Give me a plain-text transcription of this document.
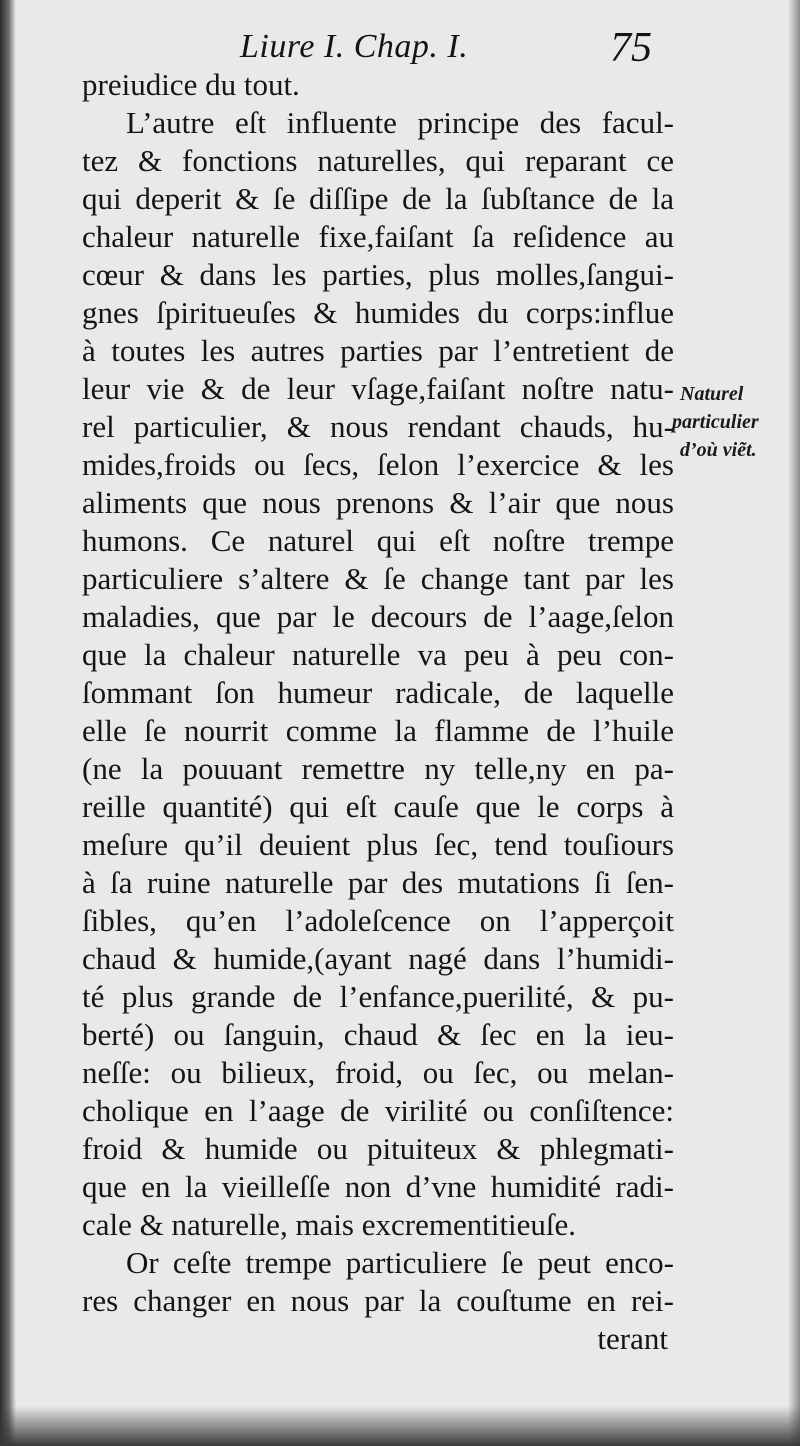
Liure I. Chap. I.	75
preiudice du tout.
L’autre eſt influente principe des facul-
tez & fonctions naturelles, qui reparant ce
qui deperit & ſe diſſipe de la ſubſtance de la
chaleur naturelle fixe,faiſant ſa reſidence au
cœur & dans les parties, plus molles,ſangui-
gnes ſpiritueuſes & humides du corps:influe
à toutes les autres parties par l’entretient de
leur vie & de leur vſage,faiſant noſtre natu-
rel particulier, & nous rendant chauds, hu-
mides,froids ou ſecs, ſelon l’exercice & les
aliments que nous prenons & l’air que nous
humons. Ce naturel qui eſt noſtre trempe
particuliere s’altere & ſe change tant par les
maladies, que par le decours de l’aage,ſelon
que la chaleur naturelle va peu à peu con-
ſommant ſon humeur radicale, de laquelle
elle ſe nourrit comme la flamme de l’huile
(ne la pouuant remettre ny telle,ny en pa-
reille quantité) qui eſt cauſe que le corps à
meſure qu’il deuient plus ſec, tend touſiours
à ſa ruine naturelle par des mutations ſi ſen-
ſibles, qu’en l’adoleſcence on l’apperçoit
chaud & humide,(ayant nagé dans l’humidi-
té plus grande de l’enfance,puerilité, & pu-
berté) ou ſanguin, chaud & ſec en la ieu-
neſſe: ou bilieux, froid, ou ſec, ou melan-
cholique en l’aage de virilité ou conſiſtence:
froid & humide ou pituiteux & phlegmati-
que en la vieilleſſe non d’vne humidité radi-
cale & naturelle, mais excrementitieuſe.
Or ceſte trempe particuliere ſe peut enco-
res changer en nous par la couſtume en rei-
terant
Naturel
particulier
d’où viẽt.
